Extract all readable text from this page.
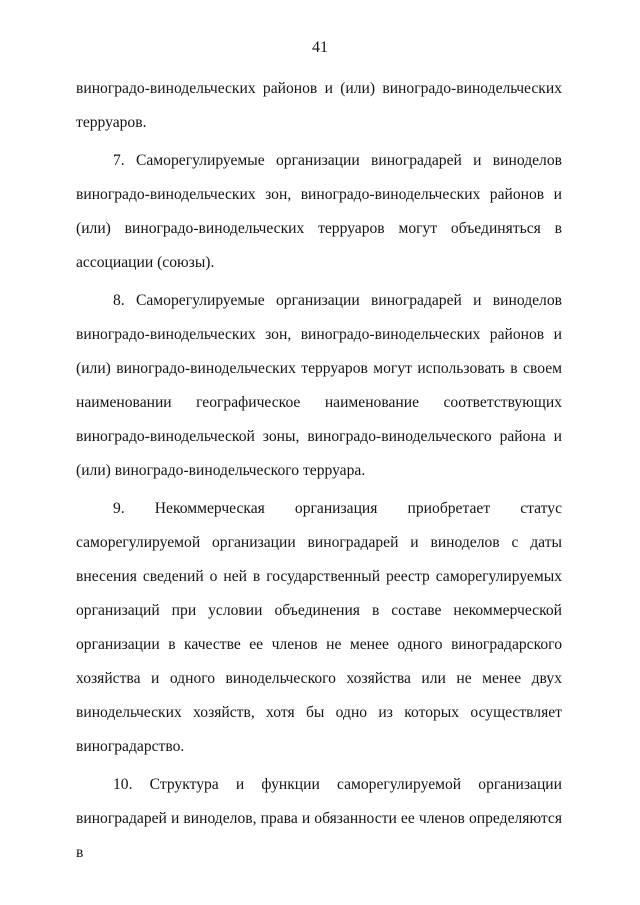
41

виноградо-винодельческих районов и (или) виноградо-винодельческих терруаров.

7. Саморегулируемые организации виноградарей и виноделов виноградо-винодельческих зон, виноградо-винодельческих районов и (или) виноградо-винодельческих терруаров могут объединяться в ассоциации (союзы).

8. Саморегулируемые организации виноградарей и виноделов виноградо-винодельческих зон, виноградо-винодельческих районов и (или) виноградо-винодельческих терруаров могут использовать в своем наименовании географическое наименование соответствующих виноградо-винодельческой зоны, виноградо-винодельческого района и (или) виноградо-винодельческого терруара.

9. Некоммерческая организация приобретает статус саморегулируемой организации виноградарей и виноделов с даты внесения сведений о ней в государственный реестр саморегулируемых организаций при условии объединения в составе некоммерческой организации в качестве ее членов не менее одного виноградарского хозяйства и одного винодельческого хозяйства или не менее двух винодельческих хозяйств, хотя бы одно из которых осуществляет виноградарство.

10. Структура и функции саморегулируемой организации виноградарей и виноделов, права и обязанности ее членов определяются в
